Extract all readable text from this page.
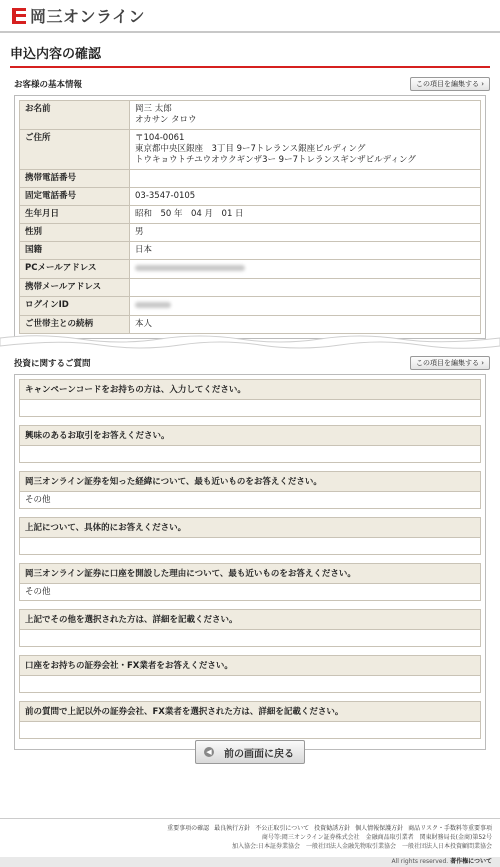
岡三オンライン
申込内容の確認
お客様の基本情報	この項目を編集する ›
お名前	岡三 太郎
オカサン タロウ

ご住所	〒104-0061
東京都中央区銀座　3丁目 9ー7トレランス銀座ビルディング
トウキョウトチユウオウクギンザ3ー 9ー7トレランスギンザビルディング

携帯電話番号	

固定電話番号	03-3547-0105

生年月日	昭和　50 年　04 月　01 日

性別	男

国籍	日本

PCメールアドレス	

携帯メールアドレス	

ログインID	

ご世帯主との続柄	本人
投資に関するご質問	この項目を編集する ›
キャンペーンコードをお持ちの方は、入力してください。
興味のあるお取引をお答えください。
岡三オンライン証券を知った経緯について、最も近いものをお答えください。
その他
上記について、具体的にお答えください。
岡三オンライン証券に口座を開設した理由について、最も近いものをお答えください。
その他
上記でその他を選択された方は、詳細を記載ください。
口座をお持ちの証券会社・FX業者をお答えください。
前の質問で上記以外の証券会社、FX業者を選択された方は、詳細を記載ください。
◀ 前の画面に戻る
重要事項の確認 最良執行方針 不公正取引について 投資勧誘方針 個人情報保護方針 商品リスク・手数料等重要事項
商号等:岡三オンライン証券株式会社　金融商品取引業者　関東財務局長(金商)第52号
加入協会:日本証券業協会　一般社団法人金融先物取引業協会　一般社団法人日本投資顧問業協会
All rights reserved. 著作権について
